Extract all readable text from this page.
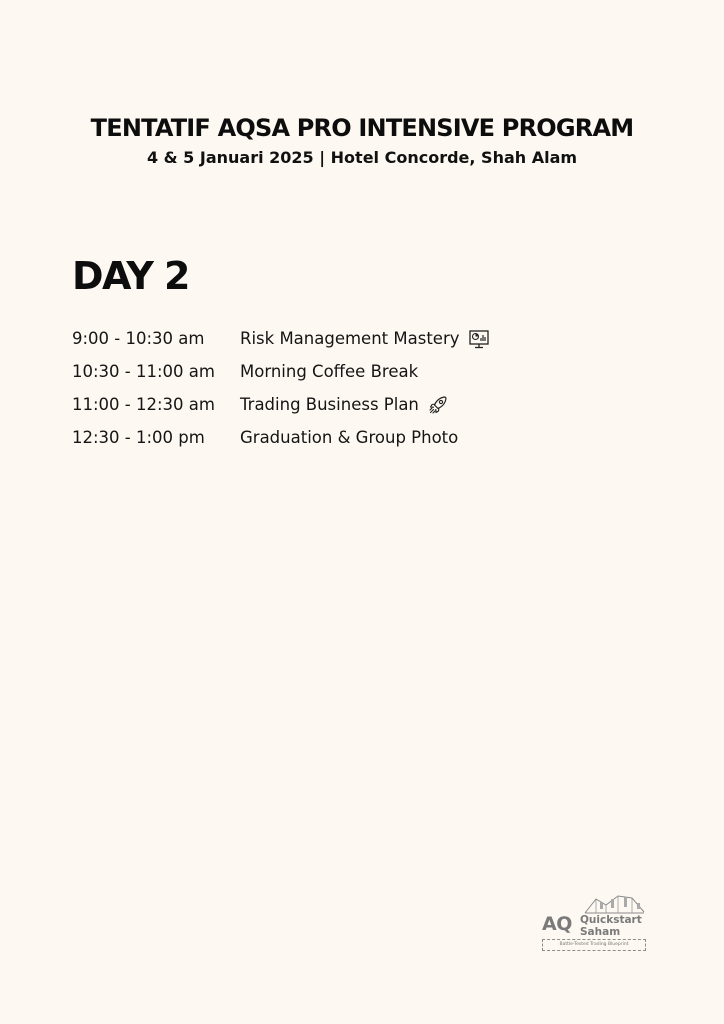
TENTATIF AQSA PRO INTENSIVE PROGRAM

4 & 5 Januari 2025 | Hotel Concorde, Shah Alam

DAY 2
9:00 - 10:30 am	Risk Management Mastery
10:30 - 11:00 am	Morning Coffee Break
11:00 - 12:30 am	Trading Business Plan
12:30 - 1:00 pm	Graduation & Group Photo
AQ Quickstart
Saham
Battle-Tested Trading Blueprint
